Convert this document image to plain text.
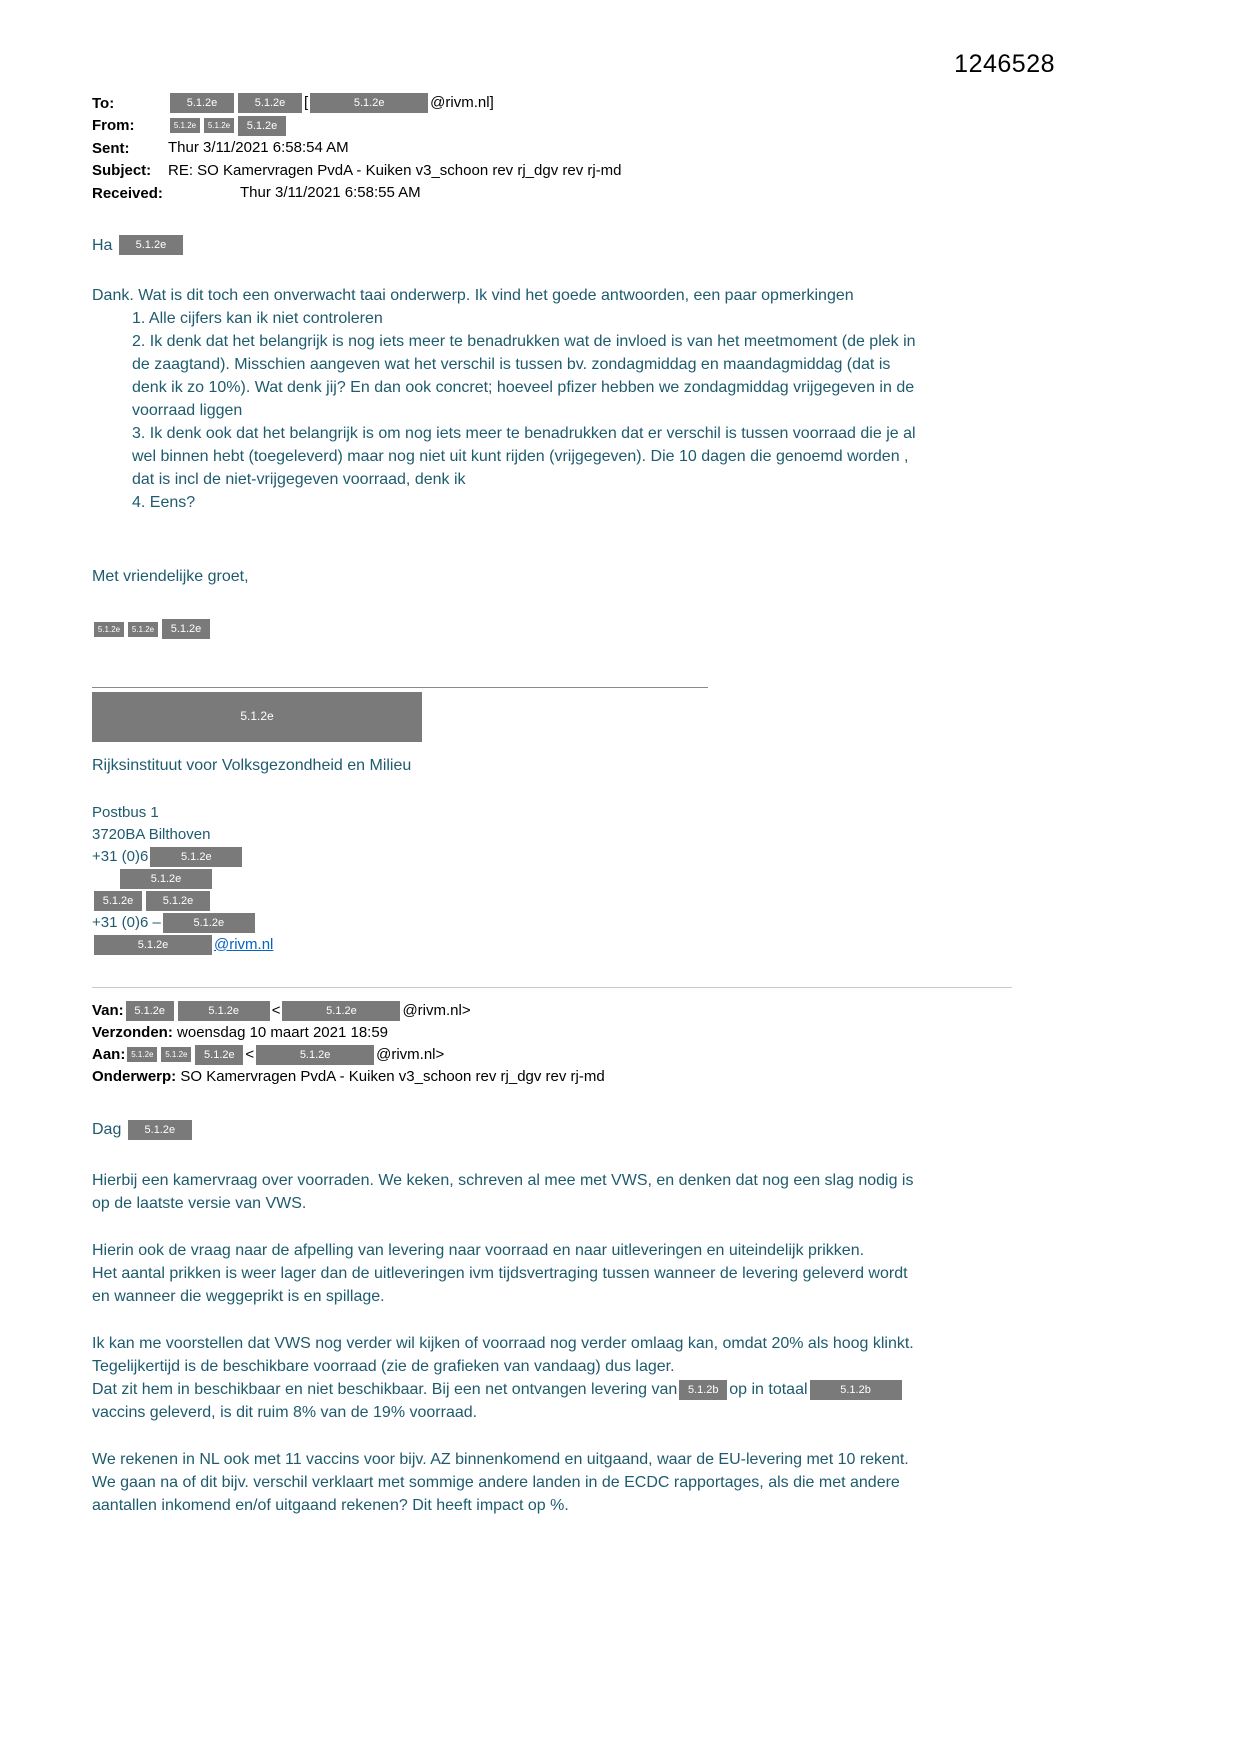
1246528
To:	5.1.2e	5.1.2e [	5.1.2e	@rivm.nl]
From:	5.1.2e 5.1.2e 5.1.2e
Sent:	Thur 3/11/2021 6:58:54 AM
Subject: RE: SO Kamervragen PvdA - Kuiken v3_schoon rev rj_dgv rev rj-md
Received:	Thur 3/11/2021 6:58:55 AM
Ha 5.1.2e
Dank. Wat is dit toch een onverwacht taai onderwerp. Ik vind het goede antwoorden, een paar opmerkingen
1. Alle cijfers kan ik niet controleren
2. Ik denk dat het belangrijk is nog iets meer te benadrukken wat de invloed is van het meetmoment (de plek in de zaagtand). Misschien aangeven wat het verschil is tussen bv. zondagmiddag en maandagmiddag (dat is denk ik zo 10%). Wat denk jij? En dan ook concret; hoeveel pfizer hebben we zondagmiddag vrijgegeven in de voorraad liggen
3. Ik denk ook dat het belangrijk is om nog iets meer te benadrukken dat er verschil is tussen voorraad die je al wel binnen hebt (toegeleverd) maar nog niet uit kunt rijden (vrijgegeven). Die 10 dagen die genoemd worden , dat is incl de niet-vrijgegeven voorraad, denk ik
4. Eens?
Met vriendelijke groet,
5.1.2e 5.1.2e 5.1.2e
5.1.2e
Rijksinstituut voor Volksgezondheid en Milieu
Postbus 1
3720BA Bilthoven
+31 (0)6	5.1.2e
5.1.2e
5.1.2e	5.1.2e
+31 (0)6 –	5.1.2e
5.1.2e	@rivm.nl
Van: 5.1.2e	5.1.2e <	5.1.2e	@rivm.nl>
Verzonden: woensdag 10 maart 2021 18:59
Aan: 5.1.2e 5.1.2e 5.1.2e <	5.1.2e	@rivm.nl>
Onderwerp: SO Kamervragen PvdA - Kuiken v3_schoon rev rj_dgv rev rj-md
Dag 5.1.2e
Hierbij een kamervraag over voorraden. We keken, schreven al mee met VWS, en denken dat nog een slag nodig is op de laatste versie van VWS.
Hierin ook de vraag naar de afpelling van levering naar voorraad en naar uitleveringen en uiteindelijk prikken.
Het aantal prikken is weer lager dan de uitleveringen ivm tijdsvertraging tussen wanneer de levering geleverd wordt en wanneer die weggeprikt is en spillage.
Ik kan me voorstellen dat VWS nog verder wil kijken of voorraad nog verder omlaag kan, omdat 20% als hoog klinkt.
Tegelijkertijd is de beschikbare voorraad (zie de grafieken van vandaag) dus lager.
Dat zit hem in beschikbaar en niet beschikbaar. Bij een net ontvangen levering van 5.1.2b op in totaal	5.1.2bvaccins geleverd, is dit ruim 8% van de 19% voorraad.
We rekenen in NL ook met 11 vaccins voor bijv. AZ binnenkomend en uitgaand, waar de EU-levering met 10 rekent.
We gaan na of dit bijv. verschil verklaart met sommige andere landen in de ECDC rapportages, als die met andere aantallen inkomend en/of uitgaand rekenen? Dit heeft impact op %.
